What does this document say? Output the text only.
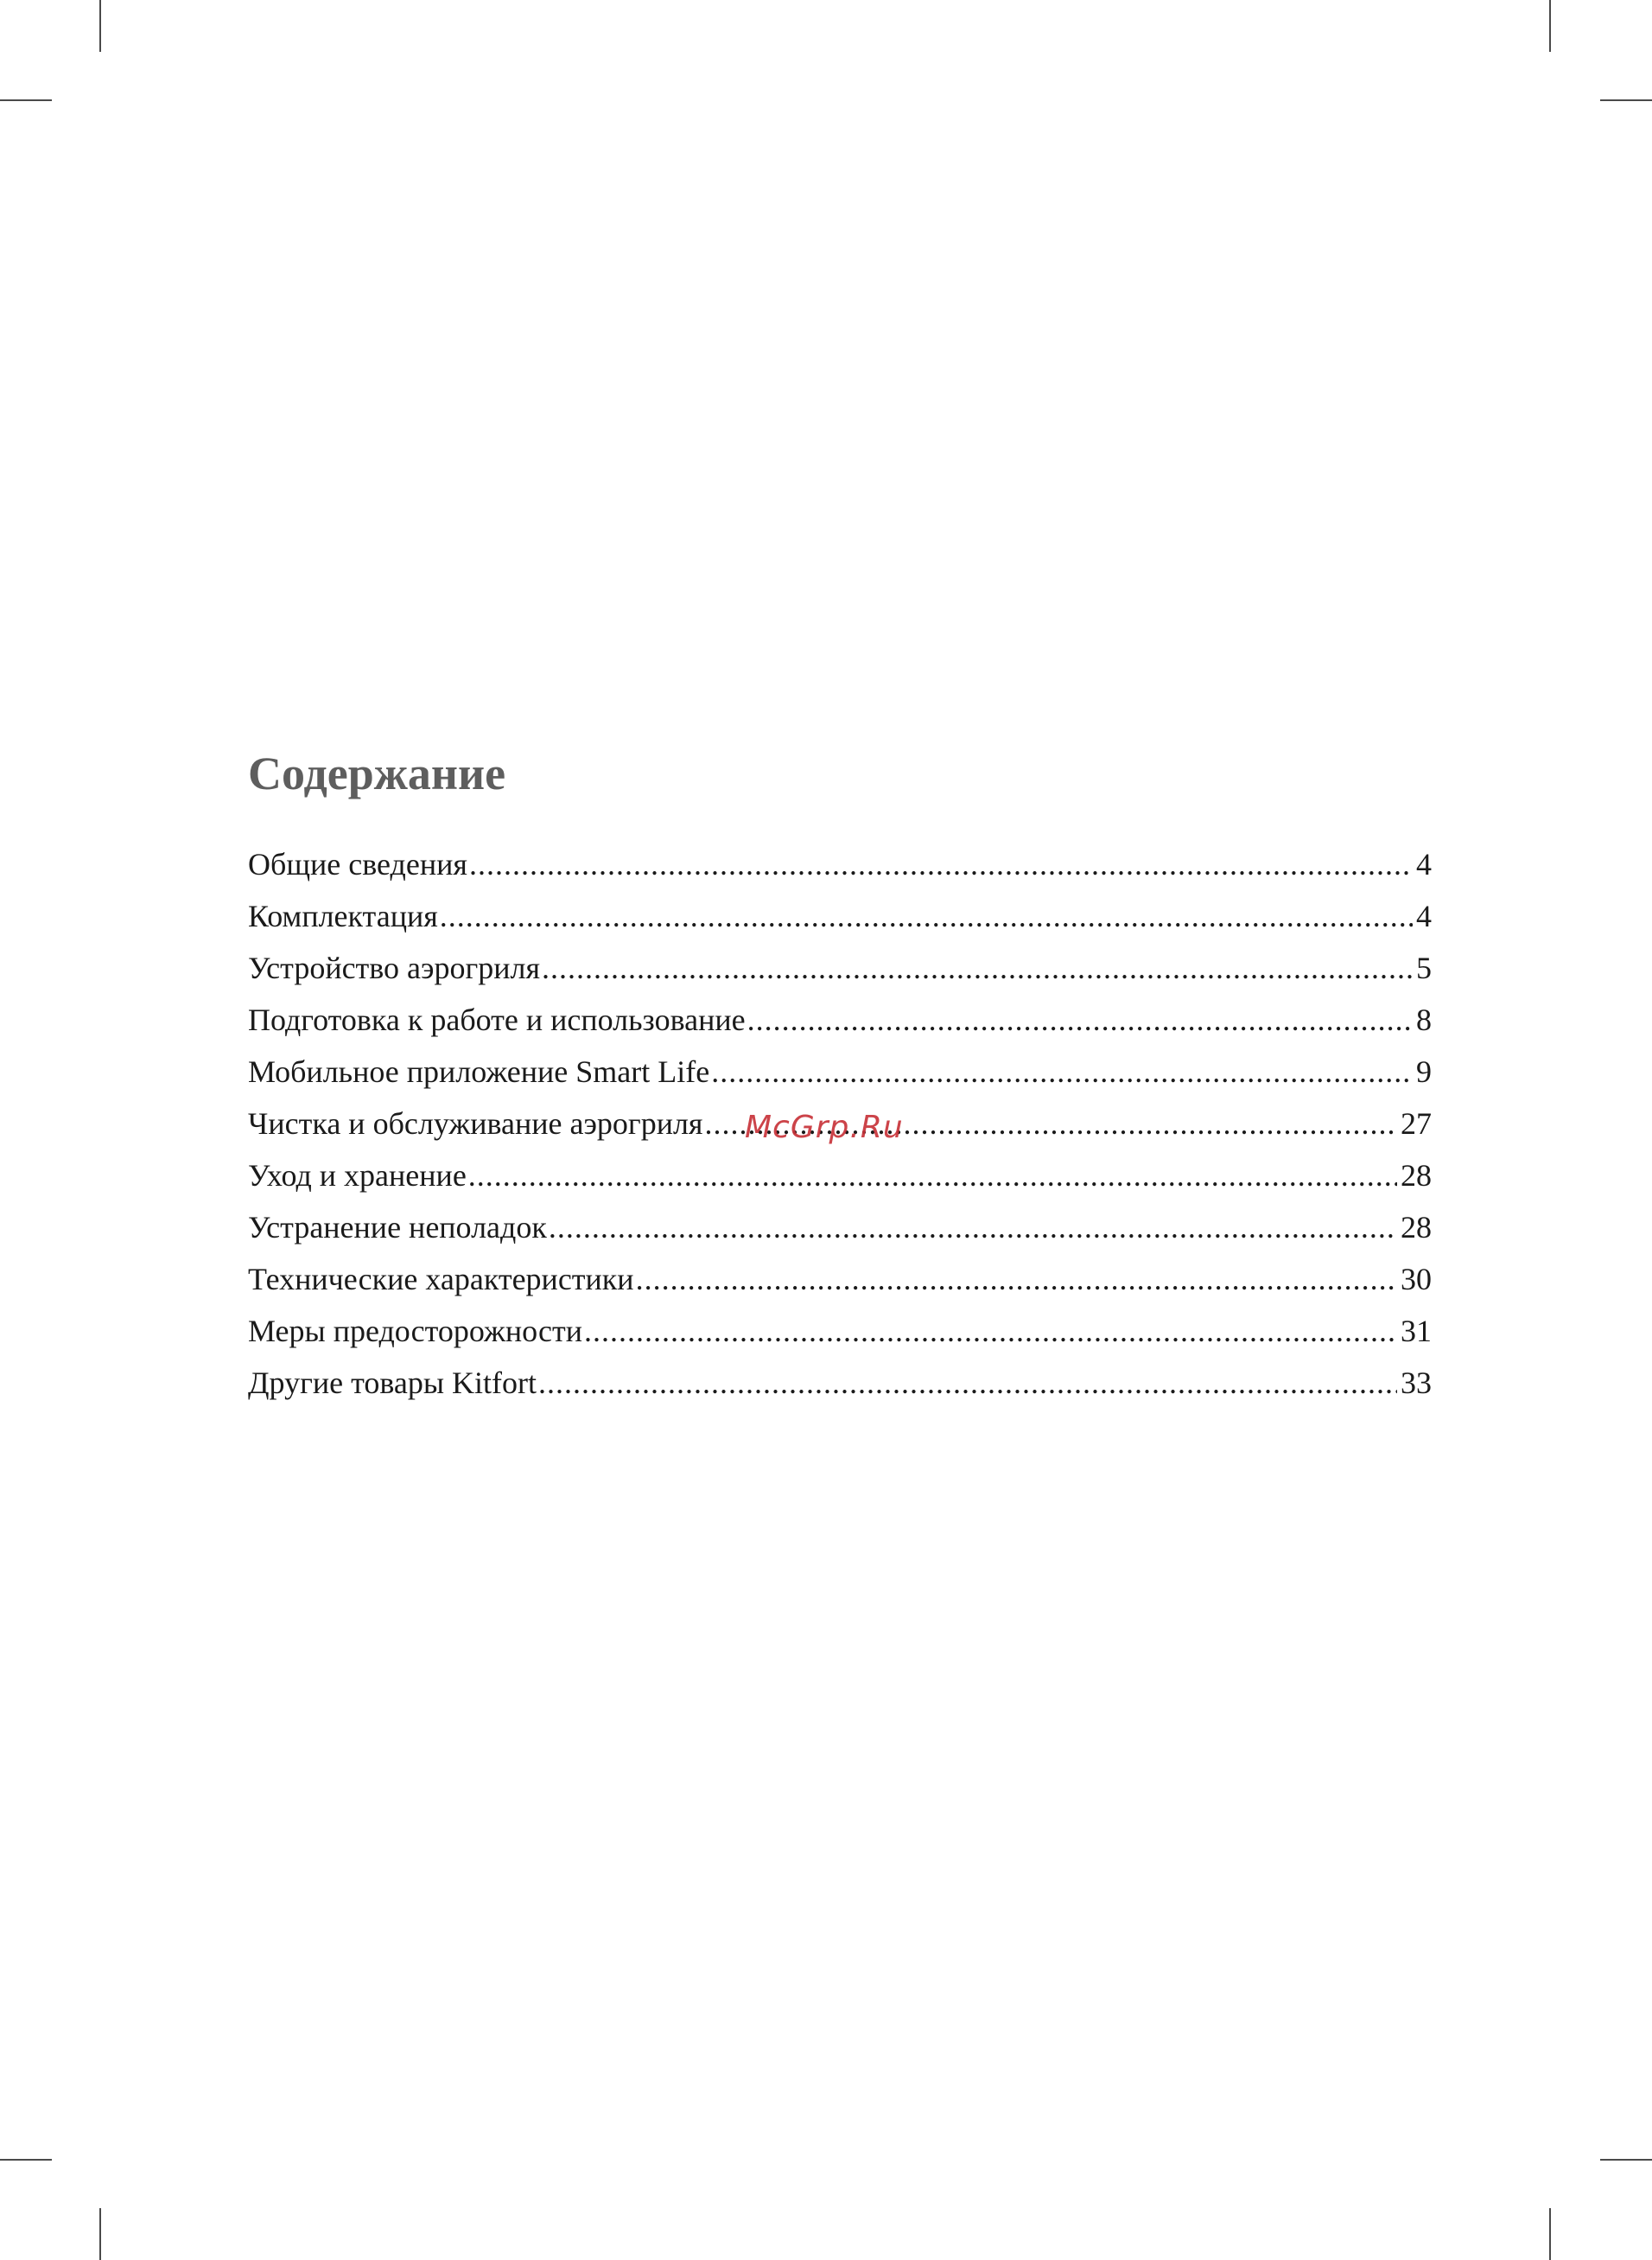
Содержание
Общие сведения .....	4
Комплектация .....	4
Устройство аэрогриля .....	5
Подготовка к работе и использование .....	8
Мобильное приложение Smart Life .....	9
Чистка и обслуживание аэрогриля .....	27
Уход и хранение .....	28
Устранение неполадок .....	28
Технические характеристики .....	30
Меры предосторожности .....	31
Другие товары Kitfort .....	33
McGrp.Ru
